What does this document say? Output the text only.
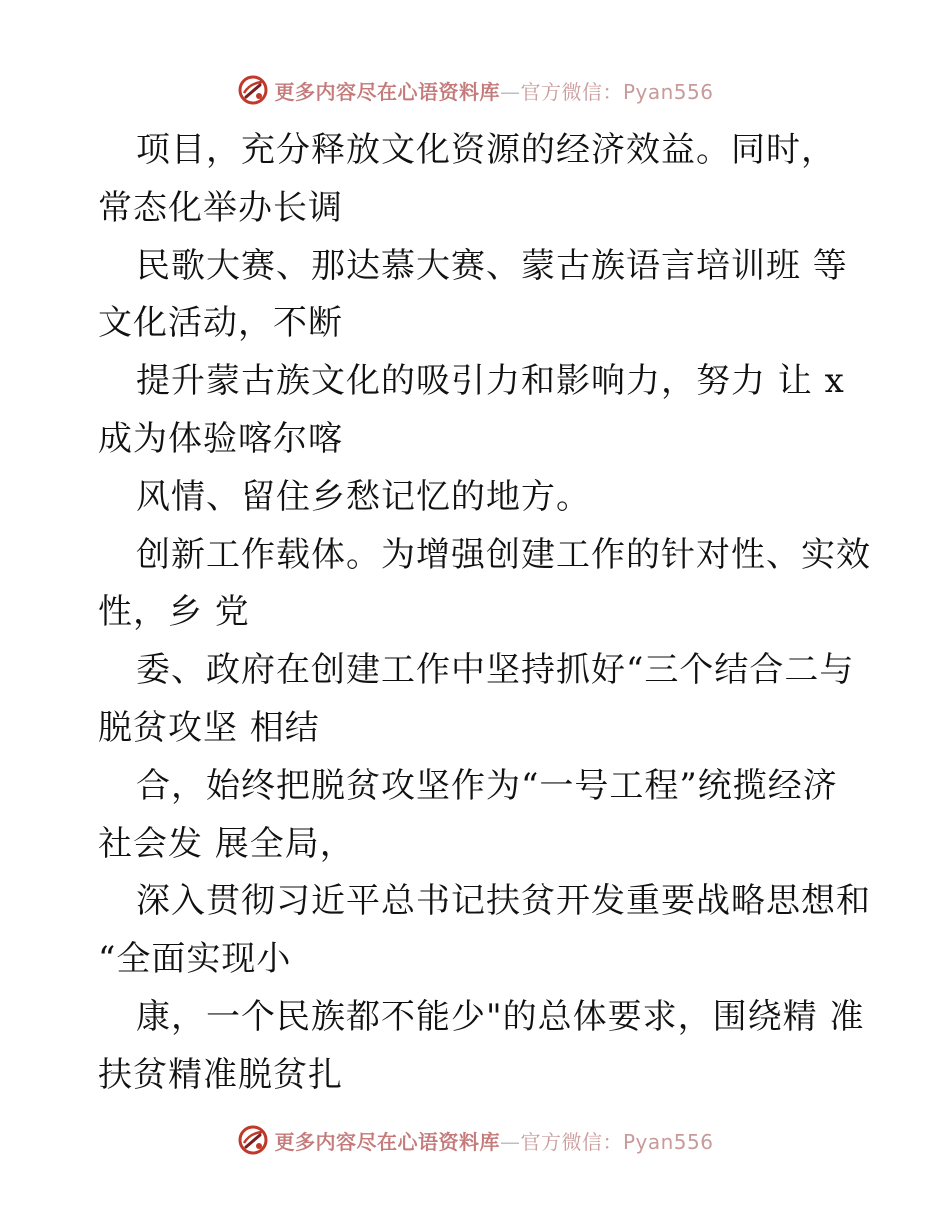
更多内容尽在心语资料库—官方微信：Pyan556
项目，充分释放文化资源的经济效益。同时，
常态化举办长调
民歌大赛、那达慕大赛、蒙古族语言培训班 等
文化活动，不断
提升蒙古族文化的吸引力和影响力，努力 让 x
成为体验喀尔喀
风情、留住乡愁记忆的地方。
创新工作载体。为增强创建工作的针对性、实效
性，乡 党
委、政府在创建工作中坚持抓好“三个结合二与
脱贫攻坚 相结
合，始终把脱贫攻坚作为“一号工程”统揽经济
社会发 展全局，
深入贯彻习近平总书记扶贫开发重要战略思想和
“全面实现小
康，一个民族都不能少"的总体要求，围绕精 准
扶贫精准脱贫扎
更多内容尽在心语资料库—官方微信：Pyan556
